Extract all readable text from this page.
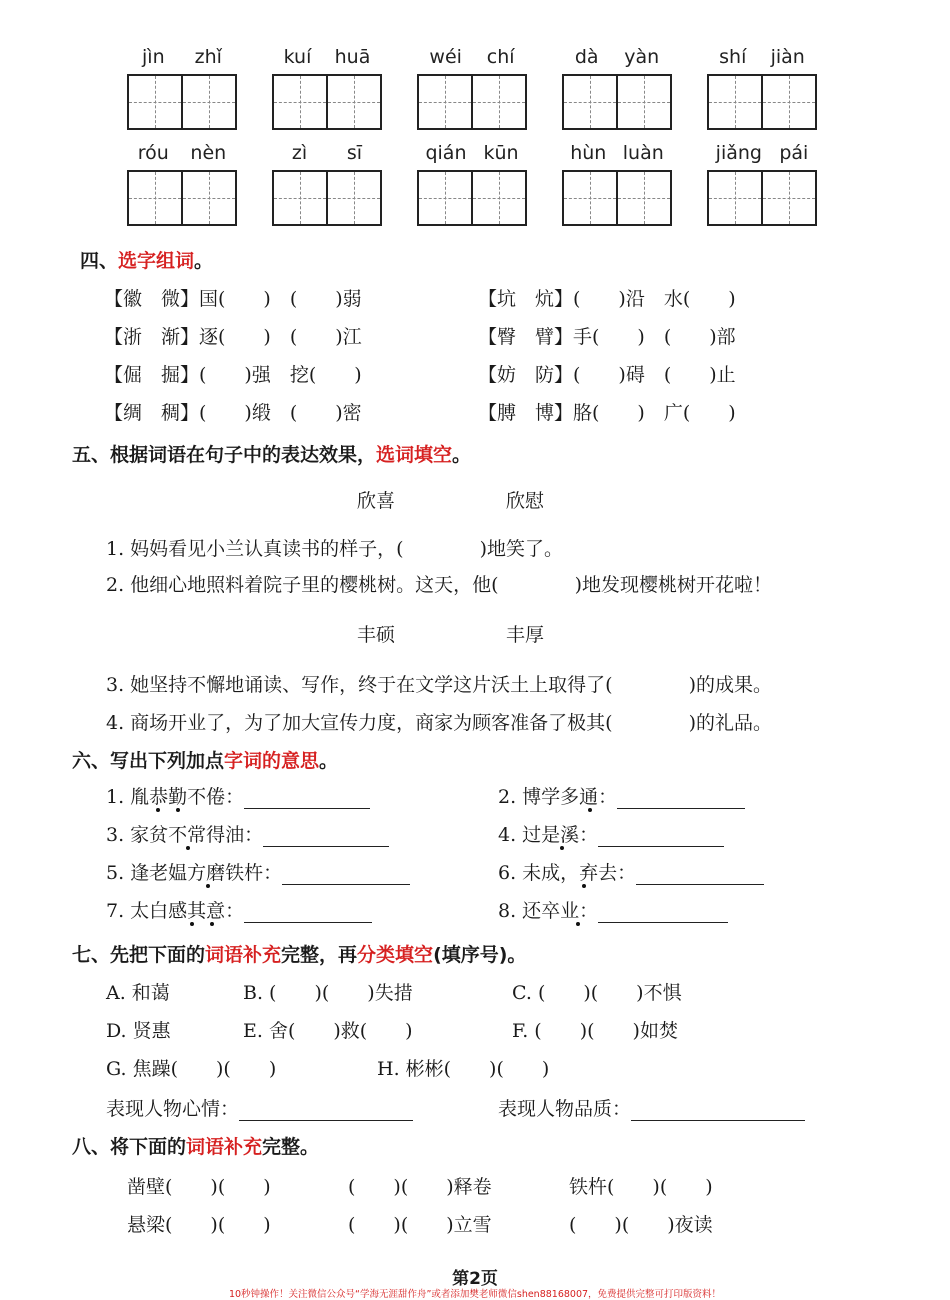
jìn zhǐ	kuí huā	wéi chí	dà yàn	shí jiàn
róu nèn	zì sī	qián kūn	hùn luàn	jiǎng pái
四、选字组词。
【徽　微】国(　　)　(　　)弱	【坑　炕】(　　)沿　水(　　)
【浙　渐】逐(　　)　(　　)江	【臀　臂】手(　　)　(　　)部
【倔　掘】(　　)强　挖(　　)	【妨　防】(　　)碍　(　　)止
【绸　稠】(　　)缎　(　　)密	【膊　博】胳(　　)　广(　　)
五、根据词语在句子中的表达效果，选词填空。
欣喜	欣慰
1. 妈妈看见小兰认真读书的样子，(　　　　)地笑了。
2. 他细心地照料着院子里的樱桃树。这天，他(　　　　)地发现樱桃树开花啦！
丰硕	丰厚
3. 她坚持不懈地诵读、写作，终于在文学这片沃土上取得了(　　　　)的成果。
4. 商场开业了，为了加大宣传力度，商家为顾客准备了极其(　　　　)的礼品。
六、写出下列加点字词的意思。
1. 胤恭勤不倦：	2. 博学多通：
3. 家贫不常得油：	4. 过是溪：
5. 逢老媪方磨铁杵：	6. 未成，弃去：
7. 太白感其意：	8. 还卒业：
七、先把下面的词语补充完整，再分类填空(填序号)。
A. 和蔼	B. (　　)(　　)失措	C. (　　)(　　)不惧
D. 贤惠	E. 舍(　　)救(　　)	F. (　　)(　　)如焚
G. 焦躁(　　)(　　)	H. 彬彬(　　)(　　)
表现人物心情：	表现人物品质：
八、将下面的词语补充完整。
凿壁(　　)(　　)	(　　)(　　)释卷	铁杵(　　)(　　)
悬梁(　　)(　　)	(　　)(　　)立雪	(　　)(　　)夜读
第2页
10秒钟操作！关注微信公众号“学海无涯甜作舟”或者添加樊老师微信shen88168007，免费提供完整可打印版资料！
